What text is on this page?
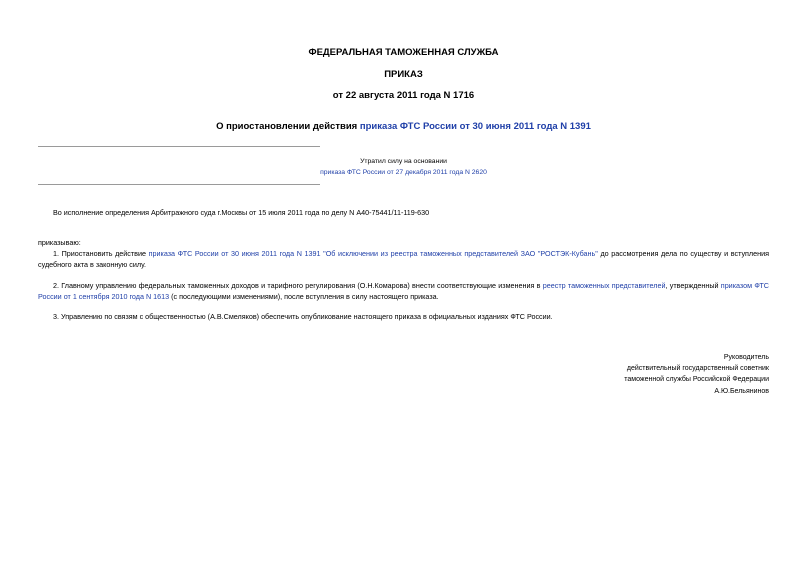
ФЕДЕРАЛЬНАЯ ТАМОЖЕННАЯ СЛУЖБА
ПРИКАЗ
от 22 августа 2011 года N 1716
О приостановлении действия приказа ФТС России от 30 июня 2011 года N 1391
Утратил силу на основании
приказа ФТС России от 27 декабря 2011 года N 2620
Во исполнение определения Арбитражного суда г.Москвы от 15 июля 2011 года по делу N А40-75441/11-119-630
приказываю:
1. Приостановить действие приказа ФТС России от 30 июня 2011 года N 1391 "Об исключении из реестра таможенных представителей ЗАО "РОСТЭК-Кубань" до рассмотрения дела по существу и вступления судебного акта в законную силу.
2. Главному управлению федеральных таможенных доходов и тарифного регулирования (О.Н.Комарова) внести соответствующие изменения в реестр таможенных представителей, утвержденный приказом ФТС России от 1 сентября 2010 года N 1613 (с последующими изменениями), после вступления в силу настоящего приказа.
3. Управлению по связям с общественностью (А.В.Смеляков) обеспечить опубликование настоящего приказа в официальных изданиях ФТС России.
Руководитель
действительный государственный советник
таможенной службы Российской Федерации
А.Ю.Бельянинов
